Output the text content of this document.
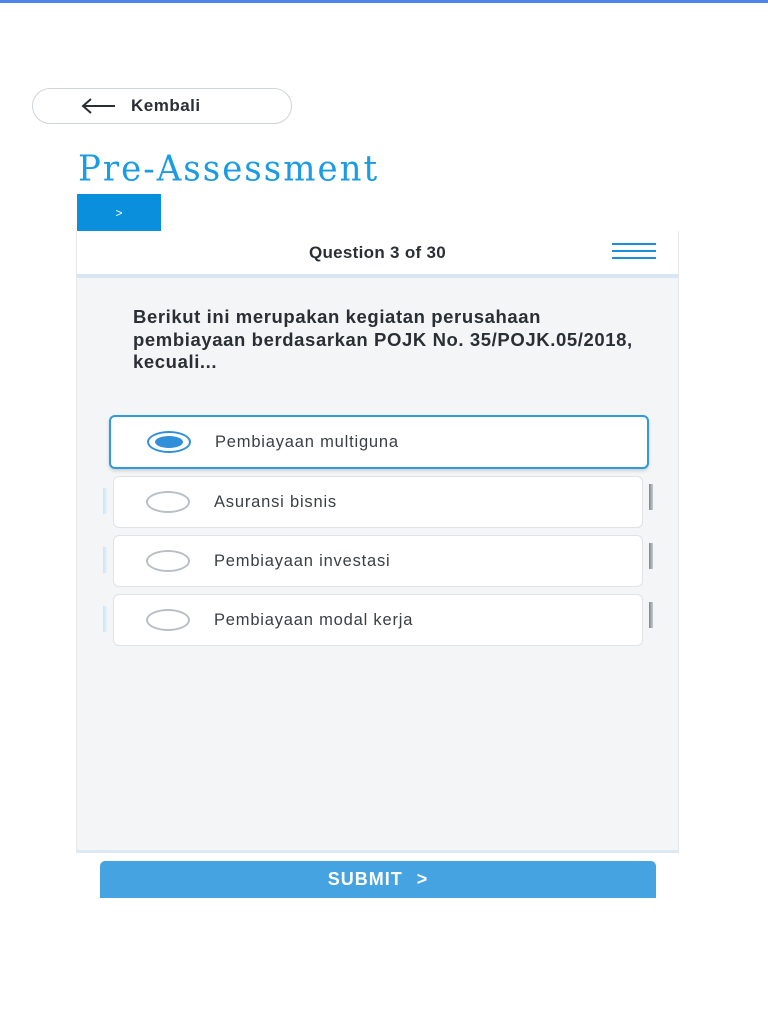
Kembali
Pre-Assessment
>
Question 3 of 30
Berikut ini merupakan kegiatan perusahaan pembiayaan berdasarkan POJK No. 35/POJK.05/2018, kecuali...
Pembiayaan multiguna
Asuransi bisnis
Pembiayaan investasi
Pembiayaan modal kerja
SUBMIT >
